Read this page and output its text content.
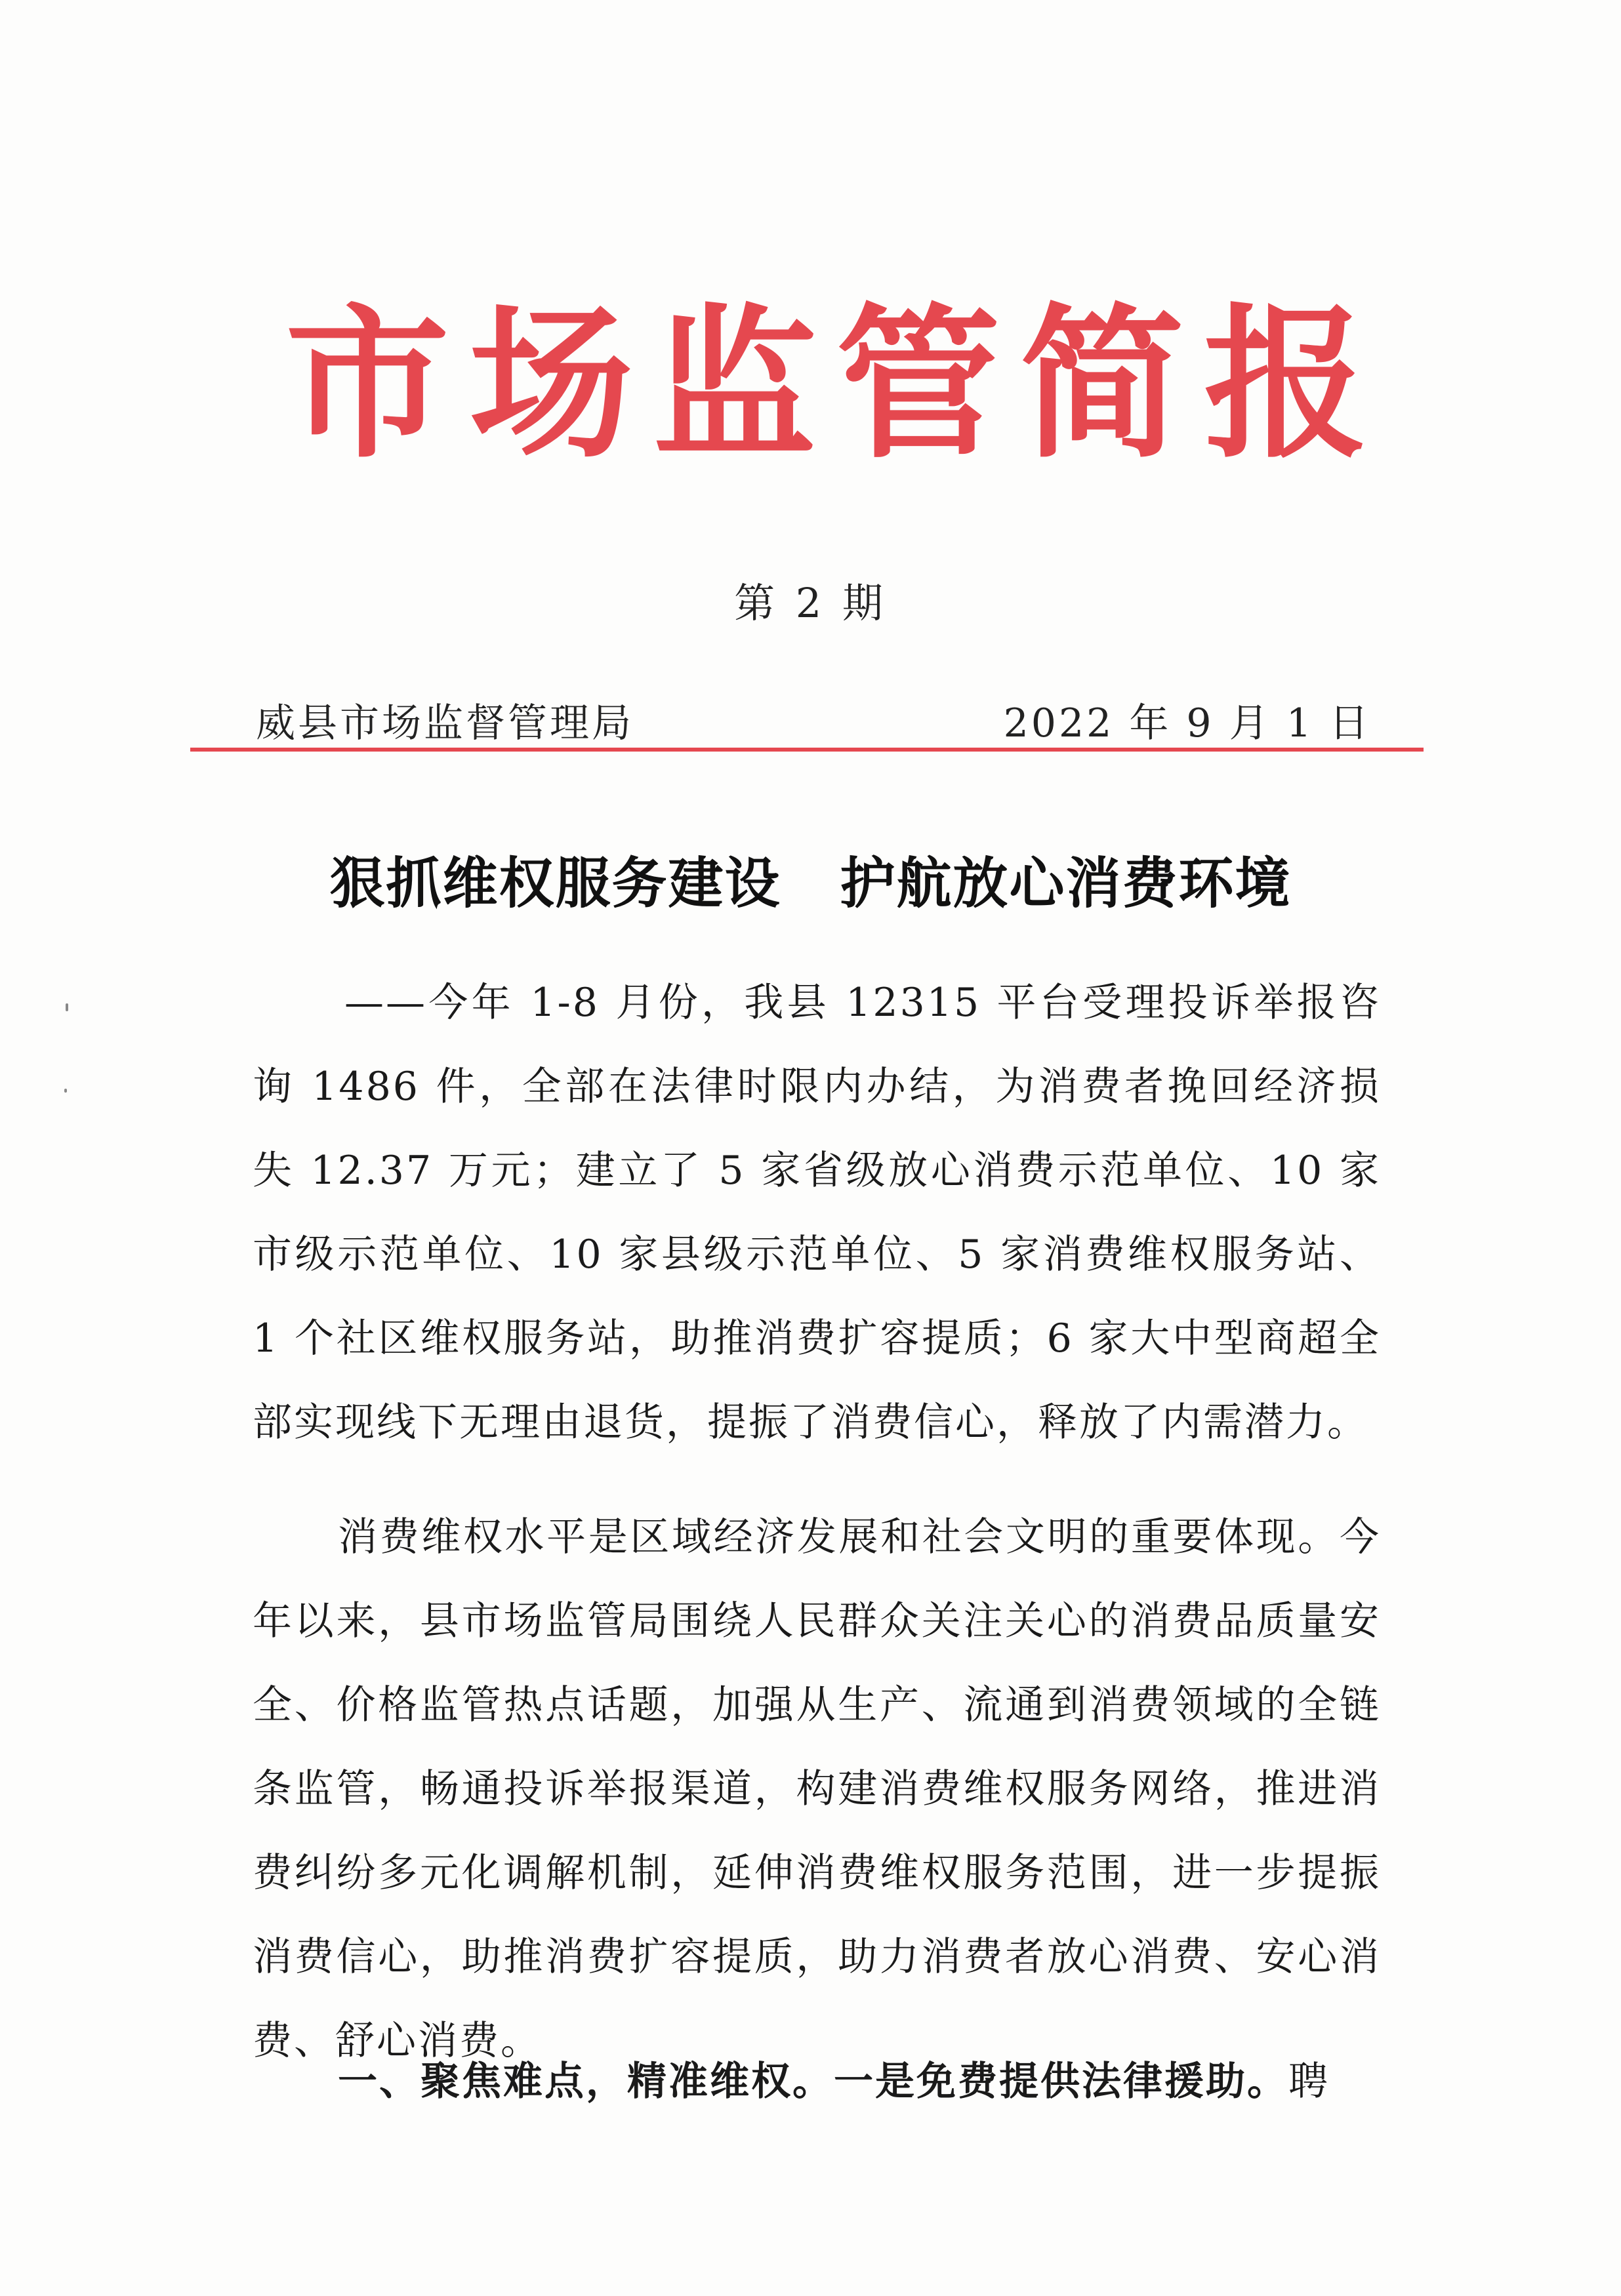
市场监管简报
第 2 期
威县市场监督管理局	2022 年 9 月 1 日
狠抓维权服务建设 护航放心消费环境
——今年 1-8 月份，我县 12315 平台受理投诉举报咨询 1486 件，全部在法律时限内办结，为消费者挽回经济损失 12.37 万元；建立了 5 家省级放心消费示范单位、10 家市级示范单位、10 家县级示范单位、5 家消费维权服务站、1 个社区维权服务站，助推消费扩容提质；6 家大中型商超全部实现线下无理由退货，提振了消费信心，释放了内需潜力。
消费维权水平是区域经济发展和社会文明的重要体现。今年以来，县市场监管局围绕人民群众关注关心的消费品质量安全、价格监管热点话题，加强从生产、流通到消费领域的全链条监管，畅通投诉举报渠道，构建消费维权服务网络，推进消费纠纷多元化调解机制，延伸消费维权服务范围，进一步提振消费信心，助推消费扩容提质，助力消费者放心消费、安心消费、舒心消费。
一、聚焦难点，精准维权。一是免费提供法律援助。聘
